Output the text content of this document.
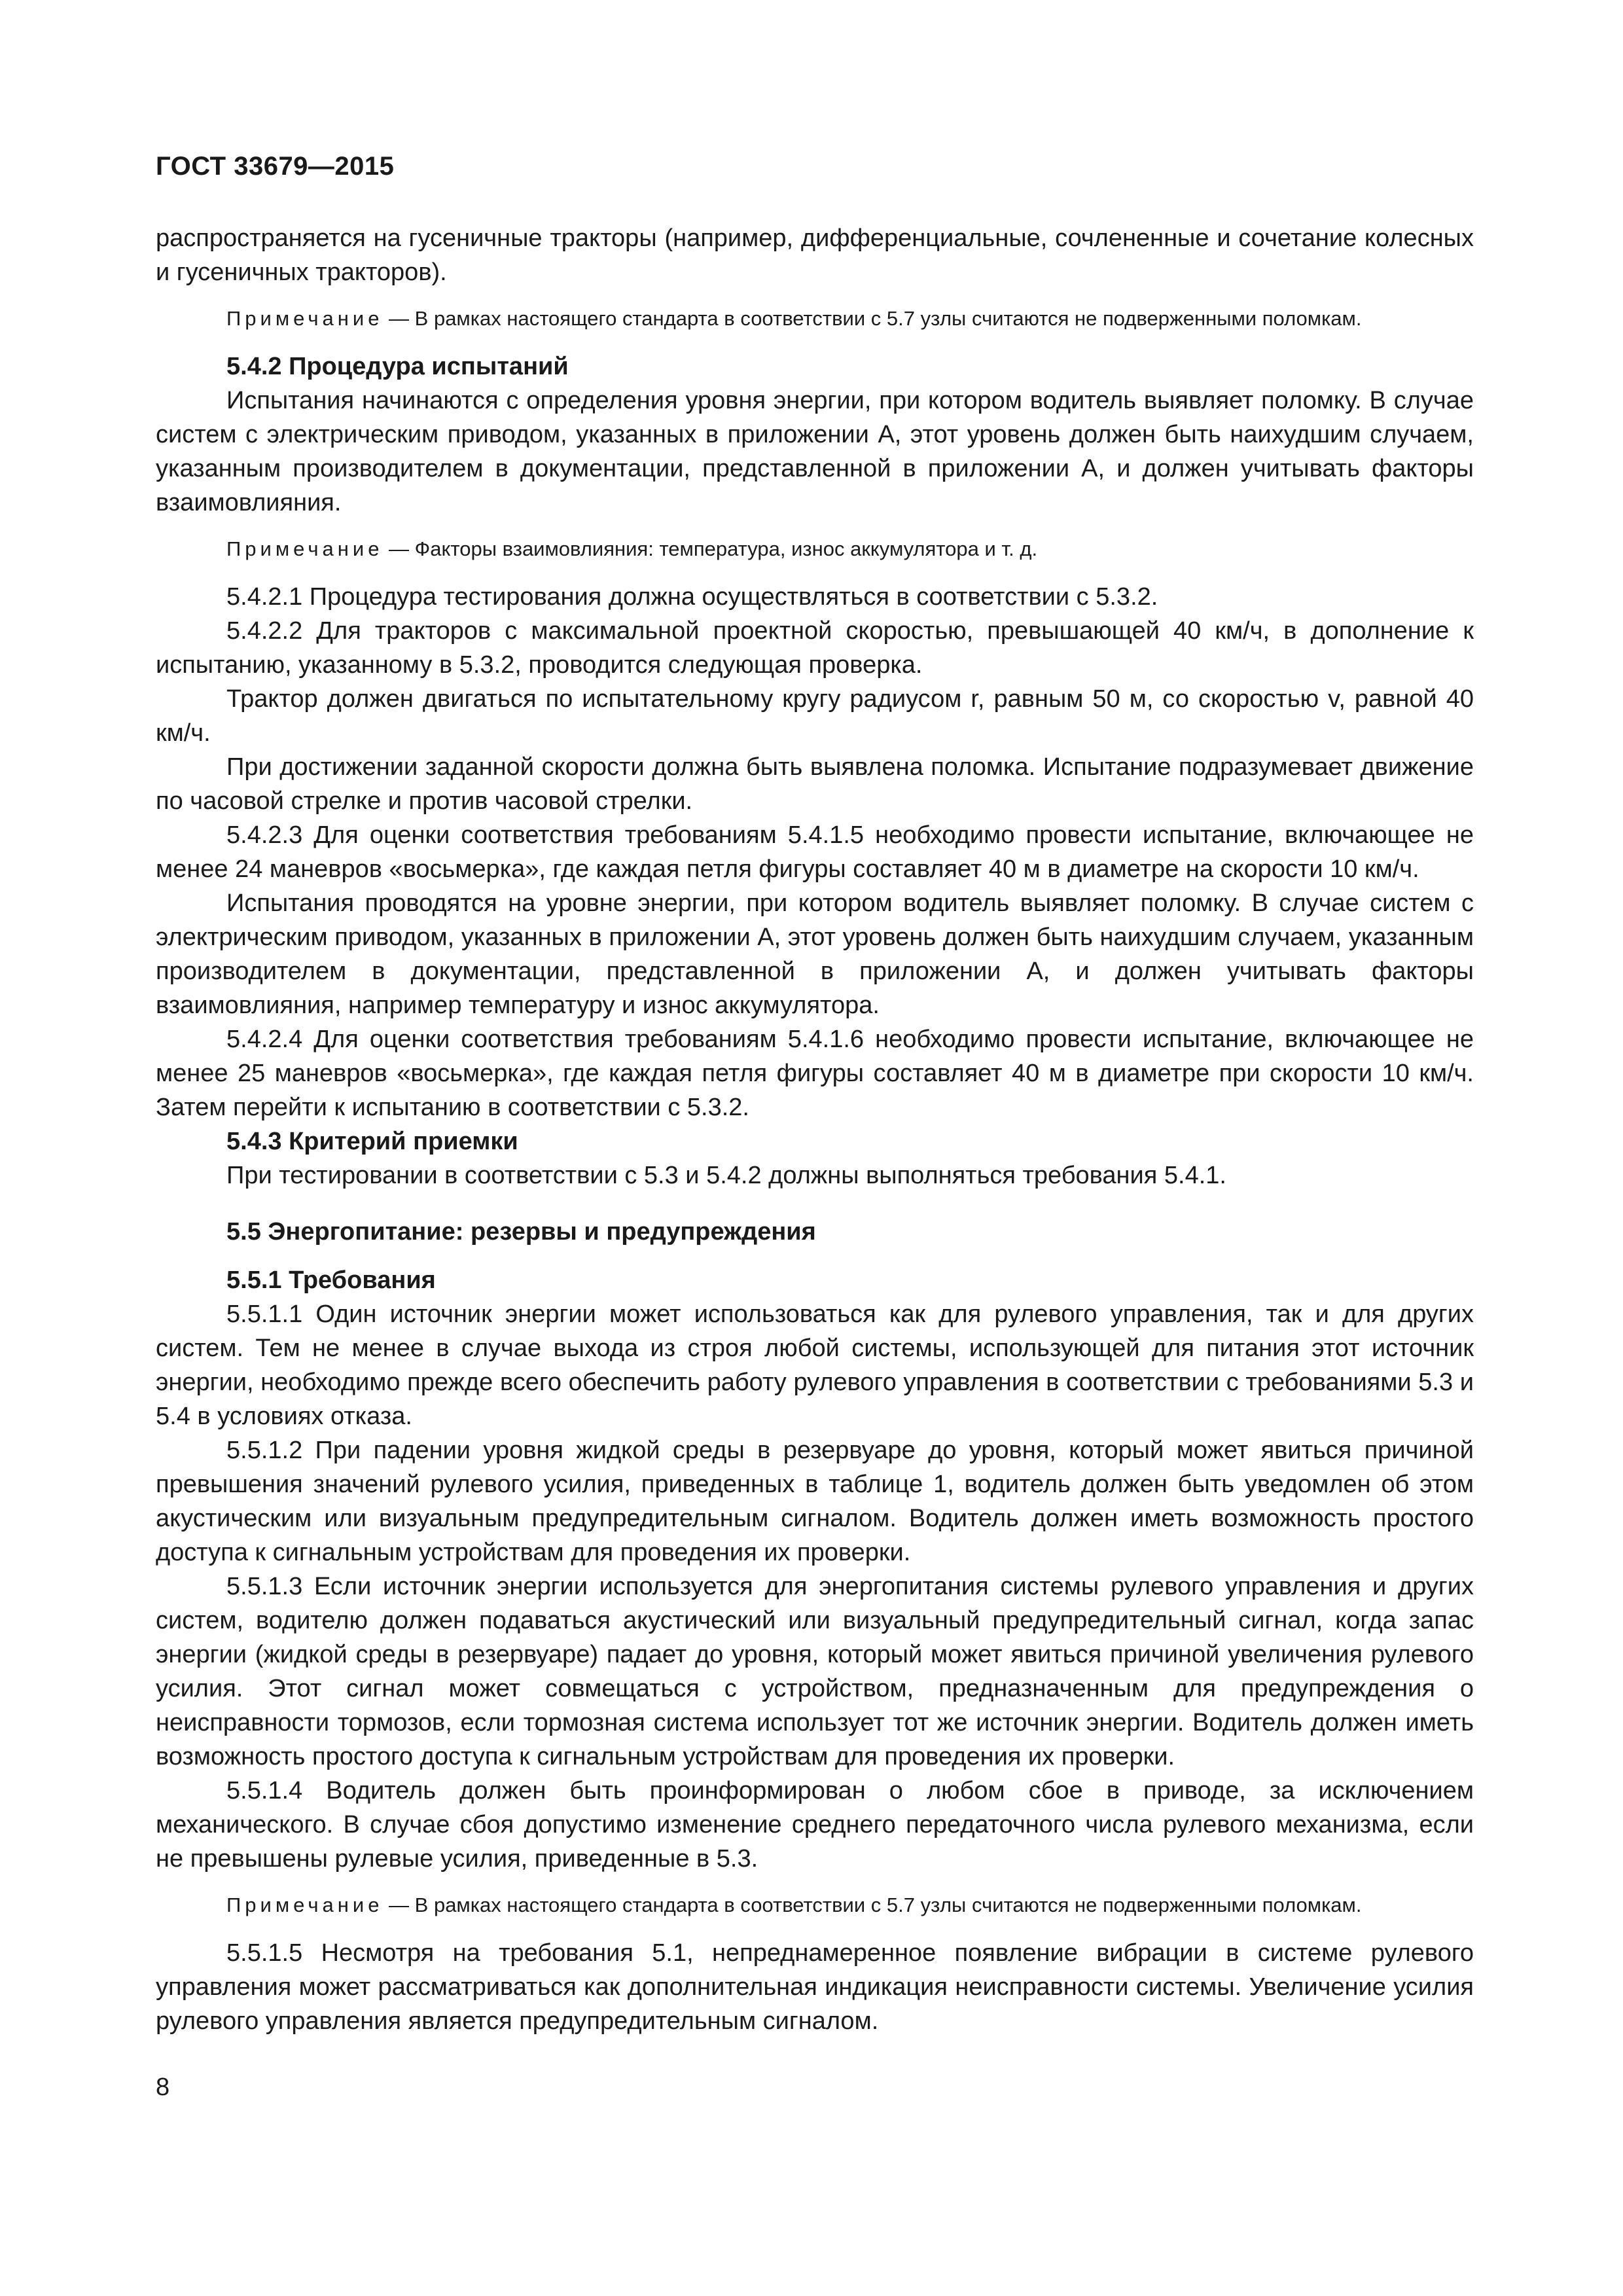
ГОСТ 33679—2015

распространяется на гусеничные тракторы (например, дифференциальные, сочлененные и сочетание колесных и гусеничных тракторов).

Примечание — В рамках настоящего стандарта в соответствии с 5.7 узлы считаются не подверженными поломкам.

5.4.2 Процедура испытаний

Испытания начинаются с определения уровня энергии, при котором водитель выявляет поломку. В случае систем с электрическим приводом, указанных в приложении А, этот уровень должен быть наихудшим случаем, указанным производителем в документации, представленной в приложении А, и должен учитывать факторы взаимовлияния.

Примечание — Факторы взаимовлияния: температура, износ аккумулятора и т. д.

5.4.2.1 Процедура тестирования должна осуществляться в соответствии с 5.3.2.

5.4.2.2 Для тракторов с максимальной проектной скоростью, превышающей 40 км/ч, в дополнение к испытанию, указанному в 5.3.2, проводится следующая проверка.

Трактор должен двигаться по испытательному кругу радиусом r, равным 50 м, со скоростью v, равной 40 км/ч.

При достижении заданной скорости должна быть выявлена поломка. Испытание подразумевает движение по часовой стрелке и против часовой стрелки.

5.4.2.3 Для оценки соответствия требованиям 5.4.1.5 необходимо провести испытание, включающее не менее 24 маневров «восьмерка», где каждая петля фигуры составляет 40 м в диаметре на скорости 10 км/ч.

Испытания проводятся на уровне энергии, при котором водитель выявляет поломку. В случае систем с электрическим приводом, указанных в приложении А, этот уровень должен быть наихудшим случаем, указанным производителем в документации, представленной в приложении А, и должен учитывать факторы взаимовлияния, например температуру и износ аккумулятора.

5.4.2.4 Для оценки соответствия требованиям 5.4.1.6 необходимо провести испытание, включающее не менее 25 маневров «восьмерка», где каждая петля фигуры составляет 40 м в диаметре при скорости 10 км/ч. Затем перейти к испытанию в соответствии с 5.3.2.

5.4.3 Критерий приемки

При тестировании в соответствии с 5.3 и 5.4.2 должны выполняться требования 5.4.1.

5.5 Энергопитание: резервы и предупреждения

5.5.1 Требования

5.5.1.1 Один источник энергии может использоваться как для рулевого управления, так и для других систем. Тем не менее в случае выхода из строя любой системы, использующей для питания этот источник энергии, необходимо прежде всего обеспечить работу рулевого управления в соответствии с требованиями 5.3 и 5.4 в условиях отказа.

5.5.1.2 При падении уровня жидкой среды в резервуаре до уровня, который может явиться причиной превышения значений рулевого усилия, приведенных в таблице 1, водитель должен быть уведомлен об этом акустическим или визуальным предупредительным сигналом. Водитель должен иметь возможность простого доступа к сигнальным устройствам для проведения их проверки.

5.5.1.3 Если источник энергии используется для энергопитания системы рулевого управления и других систем, водителю должен подаваться акустический или визуальный предупредительный сигнал, когда запас энергии (жидкой среды в резервуаре) падает до уровня, который может явиться причиной увеличения рулевого усилия. Этот сигнал может совмещаться с устройством, предназначенным для предупреждения о неисправности тормозов, если тормозная система использует тот же источник энергии. Водитель должен иметь возможность простого доступа к сигнальным устройствам для проведения их проверки.

5.5.1.4 Водитель должен быть проинформирован о любом сбое в приводе, за исключением механического. В случае сбоя допустимо изменение среднего передаточного числа рулевого механизма, если не превышены рулевые усилия, приведенные в 5.3.

Примечание — В рамках настоящего стандарта в соответствии с 5.7 узлы считаются не подверженными поломкам.

5.5.1.5 Несмотря на требования 5.1, непреднамеренное появление вибрации в системе рулевого управления может рассматриваться как дополнительная индикация неисправности системы. Увеличение усилия рулевого управления является предупредительным сигналом.

8
